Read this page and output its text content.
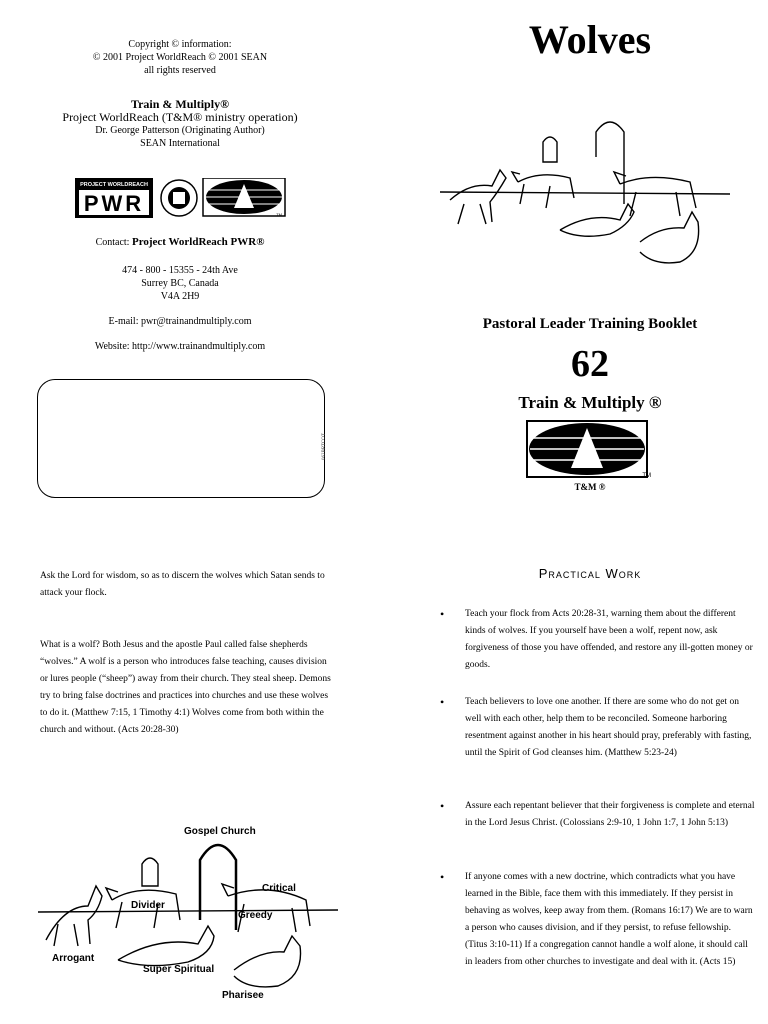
Copyright © information:
© 2001 Project WorldReach © 2001 SEAN
all rights reserved
Train & Multiply®
Project WorldReach (T&M® ministry operation)
Dr. George Patterson (Originating Author)
SEAN International
PROJECT WORLDREACH
PWR	TM
Contact: Project WorldReach PWR®
474 - 800 - 15355 - 24th Ave
Surrey BC, Canada
V4A 2H9
E-mail: pwr@trainandmultiply.com
Website: http://www.trainandmultiply.com
062BRTCOT
Wolves
Pastoral Leader Training Booklet
62
Train & Multiply ®
TM
T&M ®
Ask the Lord for wisdom, so as to discern the wolves which Satan sends to attack your flock.
What is a wolf? Both Jesus and the apostle Paul called false shepherds “wolves.” A wolf is a person who introduces false teaching, causes division or lures people (“sheep”) away from their church. They steal sheep. Demons try to bring false doctrines and practices into churches and use these wolves to do it. (Matthew 7:15, 1 Timothy 4:1) Wolves come from both within the church and without. (Acts 20:28-30)
Gospel Church
Critical
Divider
Greedy
Arrogant
Super Spiritual
Pharisee
Practical Work
• Teach your flock from Acts 20:28-31, warning them about the different kinds of wolves. If you yourself have been a wolf, repent now, ask forgiveness of those you have offended, and restore any ill-gotten money or goods.
• Teach believers to love one another. If there are some who do not get on well with each other, help them to be reconciled. Someone harboring resentment against another in his heart should pray, preferably with fasting, until the Spirit of God cleanses him. (Matthew 5:23-24)
• Assure each repentant believer that their forgiveness is complete and eternal in the Lord Jesus Christ. (Colossians 2:9-10, 1 John 1:7, 1 John 5:13)
• If anyone comes with a new doctrine, which contradicts what you have learned in the Bible, face them with this immediately. If they persist in behaving as wolves, keep away from them. (Romans 16:17) We are to warn a person who causes division, and if they persist, to refuse fellowship. (Titus 3:10-11) If a congregation cannot handle a wolf alone, it should call in leaders from other churches to investigate and deal with it. (Acts 15)
